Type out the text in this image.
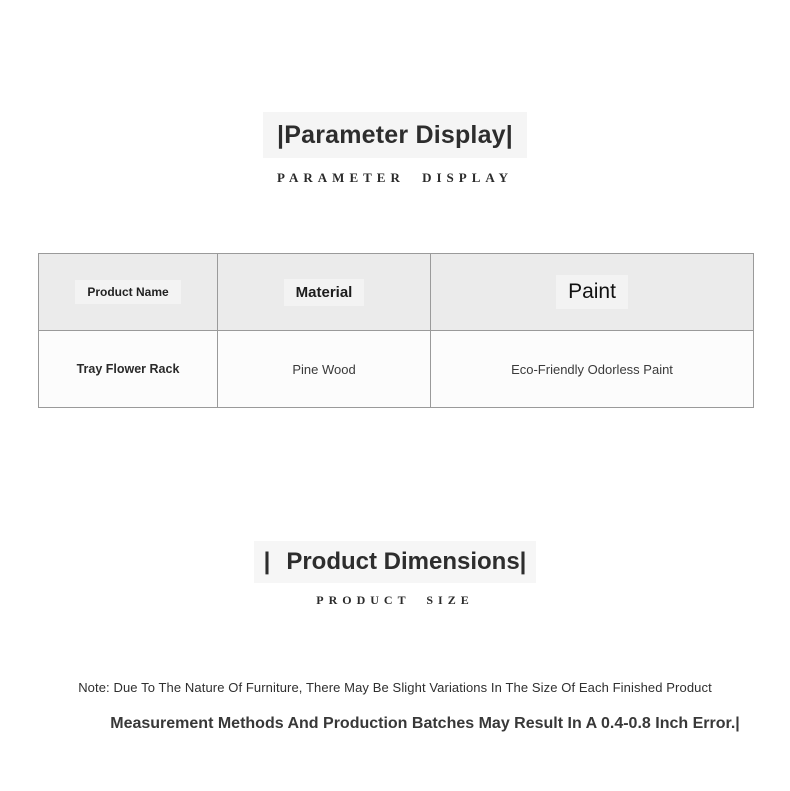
|Parameter Display|
PARAMETER DISPLAY
Product Name	Material	Paint
Tray Flower Rack	Pine Wood	Eco-Friendly Odorless Paint
| Product Dimensions|
PRODUCT SIZE

Note: Due To The Nature Of Furniture, There May Be Slight Variations In The Size Of Each Finished Product

Measurement Methods And Production Batches May Result In A 0.4-0.8 Inch Error.|
